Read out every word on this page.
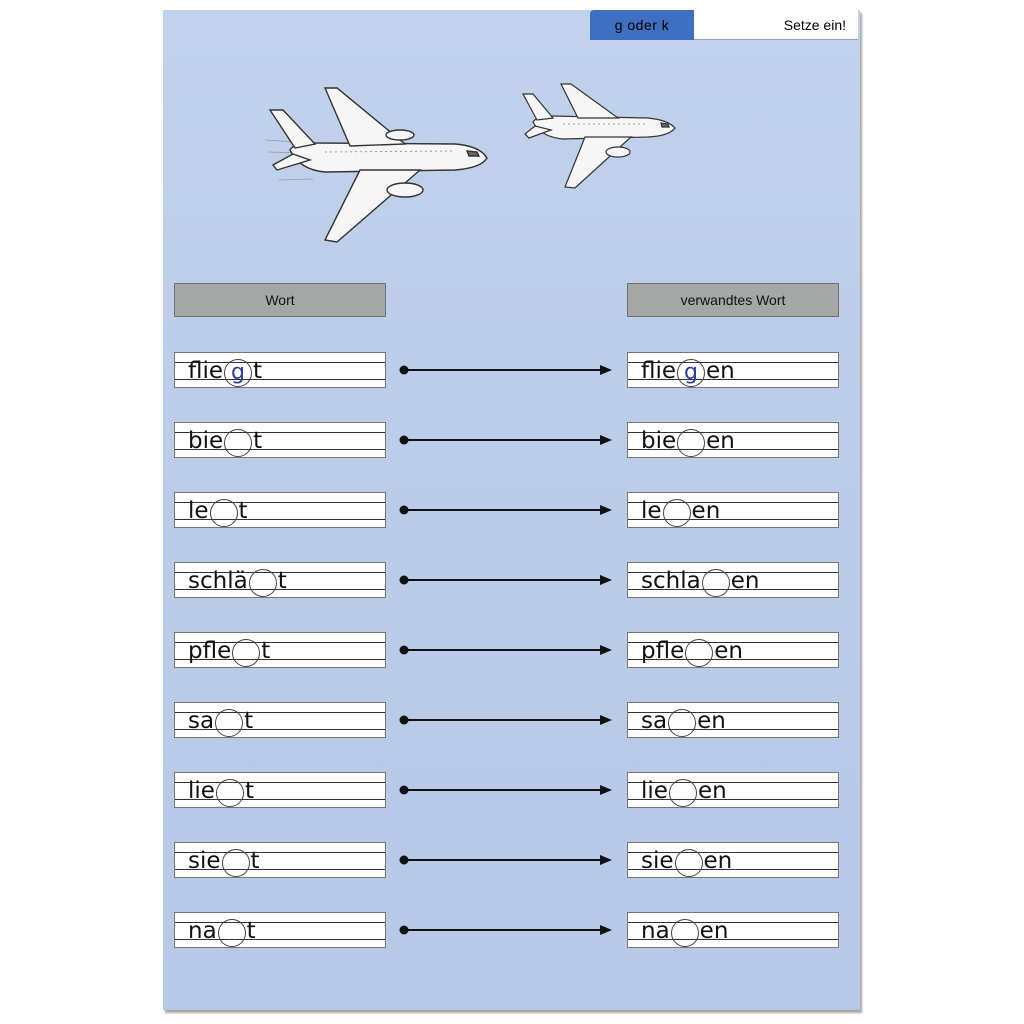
g oder k	Setze ein!
Wort	verwandtes Wort
flie g t	flie g en
bie t	bie en
le t	le en
schlä t	schla en
pfle t	pfle en
sa t	sa en
lie t	lie en
sie t	sie en
na t	na en
